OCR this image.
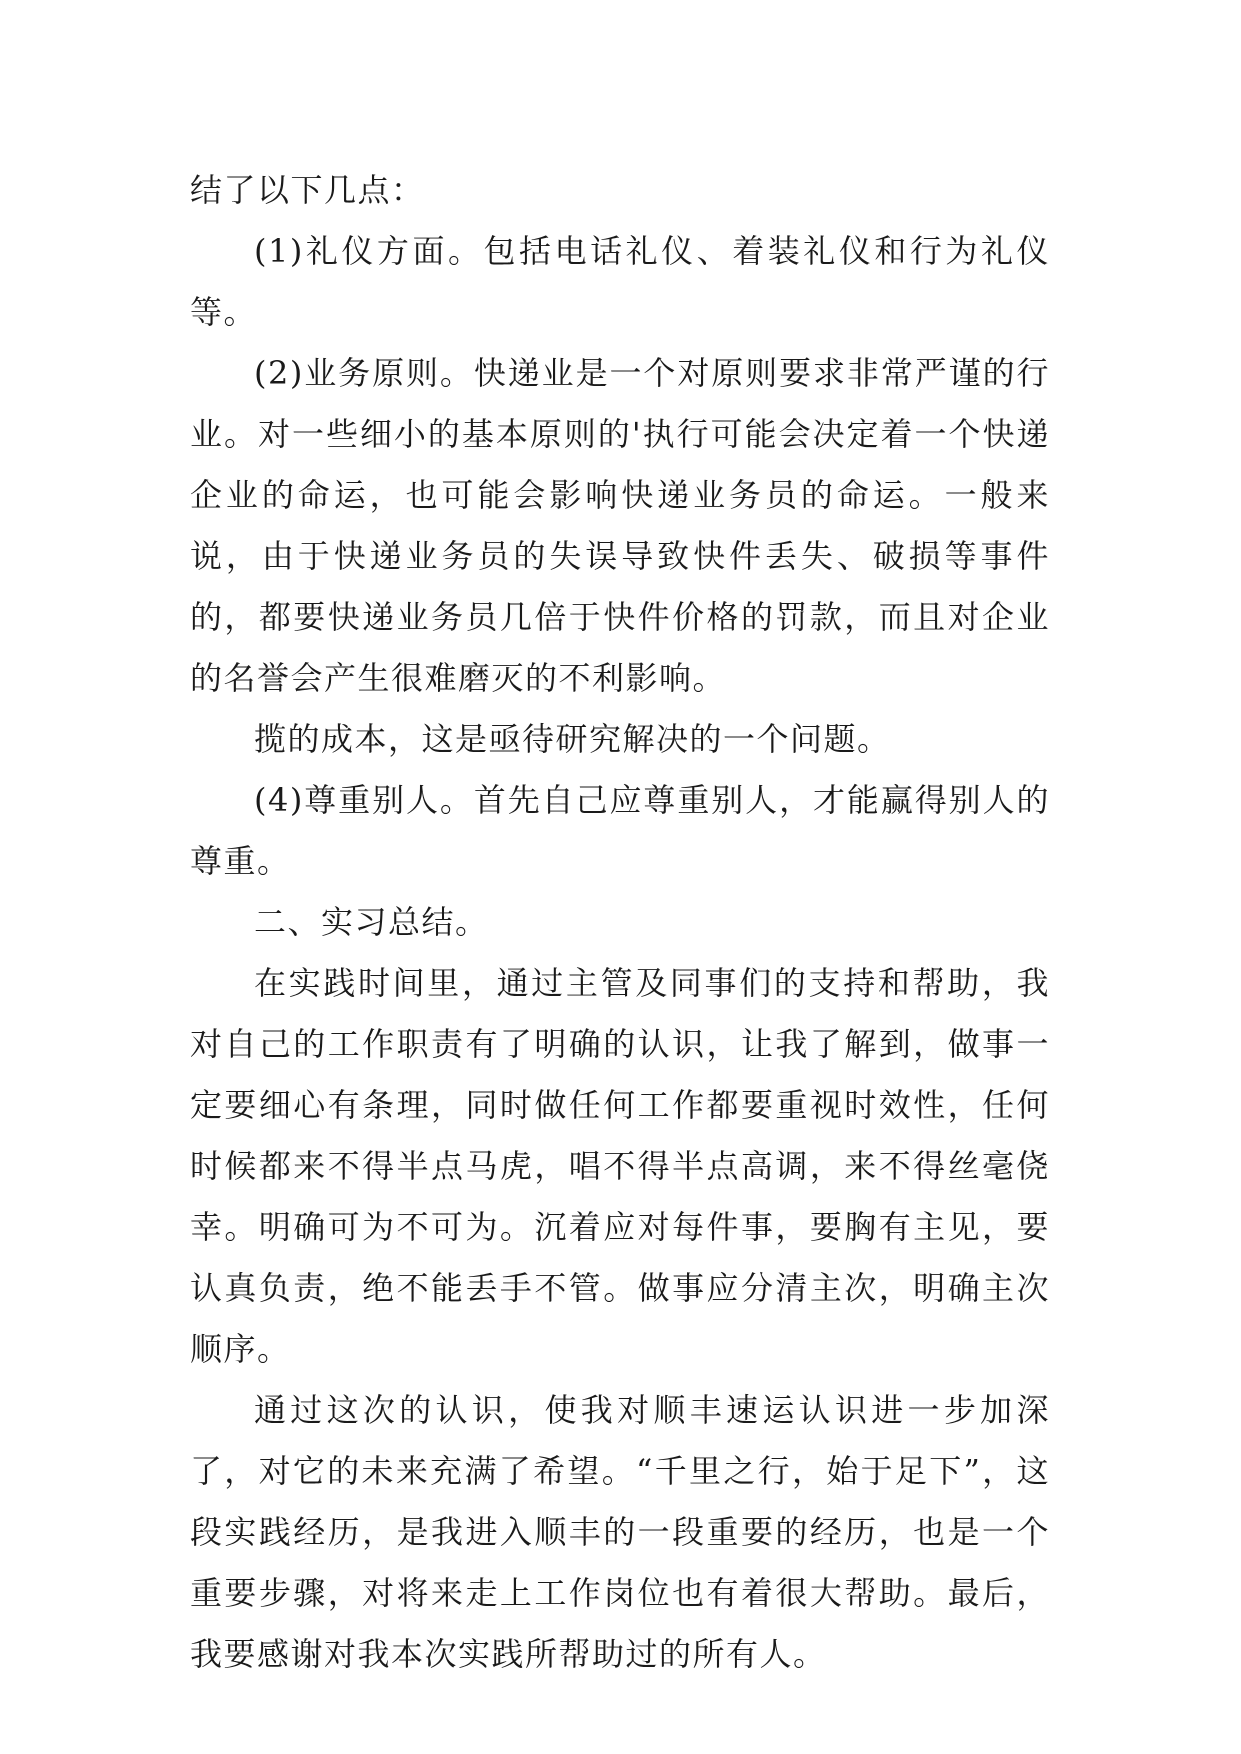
结了以下几点：

(1)礼仪方面。包括电话礼仪、着装礼仪和行为礼仪等。

(2)业务原则。快递业是一个对原则要求非常严谨的行业。对一些细小的基本原则的'执行可能会决定着一个快递企业的命运，也可能会影响快递业务员的命运。一般来说，由于快递业务员的失误导致快件丢失、破损等事件的，都要快递业务员几倍于快件价格的罚款，而且对企业的名誉会产生很难磨灭的不利影响。

揽的成本，这是亟待研究解决的一个问题。

(4)尊重别人。首先自己应尊重别人，才能赢得别人的尊重。

二、实习总结。

在实践时间里，通过主管及同事们的支持和帮助，我对自己的工作职责有了明确的认识，让我了解到，做事一定要细心有条理，同时做任何工作都要重视时效性，任何时候都来不得半点马虎，唱不得半点高调，来不得丝毫侥幸。明确可为不可为。沉着应对每件事，要胸有主见，要认真负责，绝不能丢手不管。做事应分清主次，明确主次顺序。

通过这次的认识，使我对顺丰速运认识进一步加深了，对它的未来充满了希望。“千里之行，始于足下”，这段实践经历，是我进入顺丰的一段重要的经历，也是一个重要步骤，对将来走上工作岗位也有着很大帮助。最后，我要感谢对我本次实践所帮助过的所有人。
